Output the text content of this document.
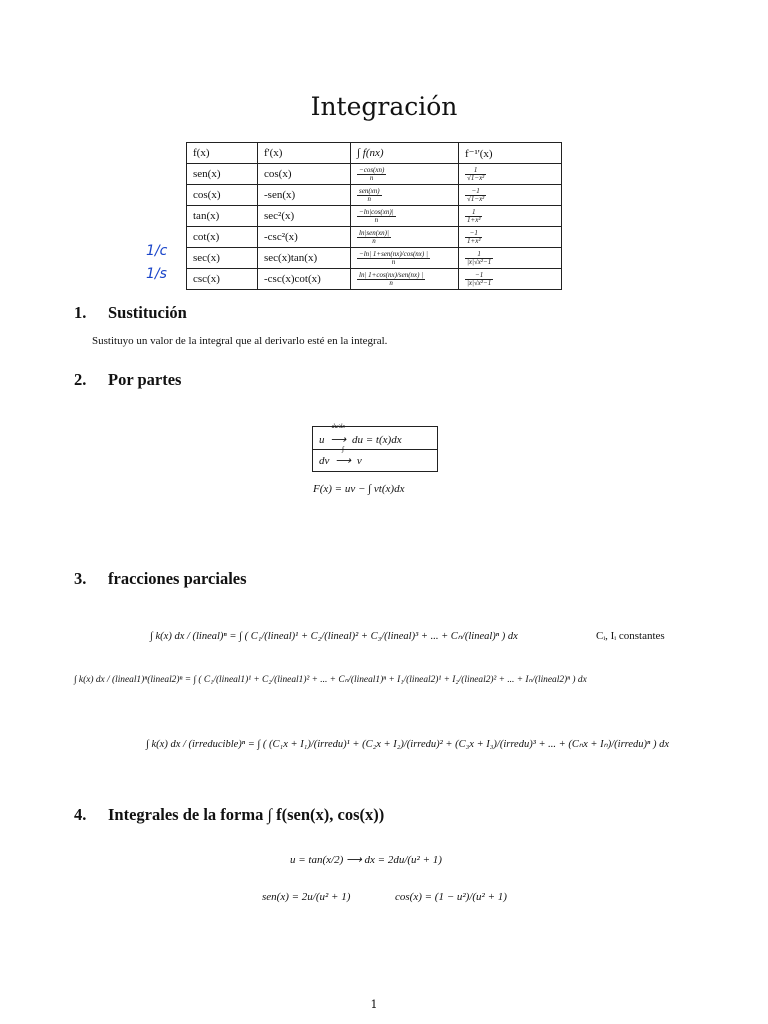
Integración
f(x)	f'(x)	∫ f(nx)	f⁻¹'(x)
sen(x)	cos(x)	$\frac{-\cos(xn)}{n}$	$\frac{1}{\text{√1−x²}}$

cos(x)	-sen(x)	$\frac{\text{sen(xn)}}{n}$	$\frac{-1}{\text{√1−x²}}$

tan(x)	sec²(x)	$\frac{-\ln|\cos(xn)|}{n}$	$\frac{1}{\text{1+x²}}$

cot(x)	-csc²(x)	$\frac{\text{ln|sen(xn)|}}{n}$	$\frac{-1}{\text{1+x²}}$

sec(x)	sec(x)tan(x)	$\frac{\text{−ln| 1+sen(nx)/cos(nx) |}}{n}$	$\frac{1}{\text{|x|√x²−1}}$

csc(x)	-csc(x)cot(x)	$\frac{\text{ln| 1+cos(nx)/sen(nx) |}}{n}$	$\frac{-1}{\text{|x|√x²−1}}$
1/c
1/s
1. Sustitución
Sustituyo un valor de la integral que al derivarlo esté en la integral.
2. Por partes
u
du/dx
⟶ du = t(x)dx
dv
∫
⟶ v
F(x) = uv − ∫ vt(x)dx
3. fracciones parciales
∫ k(x) dx / (lineal)ⁿ = ∫ ( C₁/(lineal)¹ + C₂/(lineal)² + C₃/(lineal)³ + ... + Cₙ/(lineal)ⁿ ) dx	Cᵢ, Iᵢ constantes
∫ k(x) dx / (lineal1)ⁿ(lineal2)ⁿ = ∫ ( C₁/(lineal1)¹ + C₂/(lineal1)² + ... + Cₙ/(lineal1)ⁿ + I₁/(lineal2)¹ + I₂/(lineal2)² + ... + Iₙ/(lineal2)ⁿ ) dx
∫ k(x) dx / (irreducible)ⁿ = ∫ ( (C₁x + I₁)/(irredu)¹ + (C₂x + I₂)/(irredu)² + (C₃x + I₃)/(irredu)³ + ... + (Cₙx + Iₙ)/(irredu)ⁿ ) dx
4. Integrales de la forma ∫ f(sen(x), cos(x))
u = tan(x/2) ⟶ dx = 2du/(u² + 1)
sen(x) = 2u/(u² + 1)	cos(x) = (1 − u²)/(u² + 1)
1
